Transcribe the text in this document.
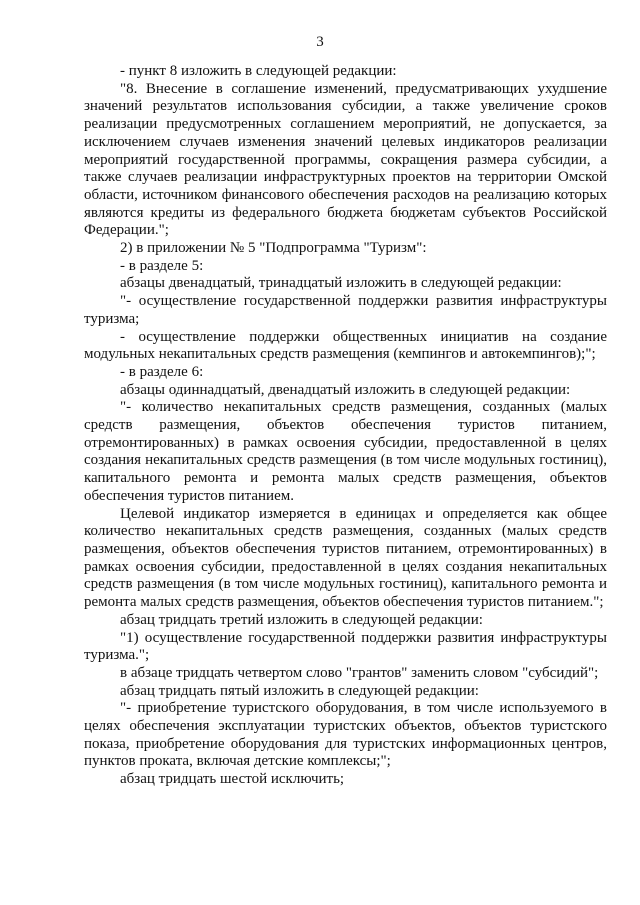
3

- пункт 8 изложить в следующей редакции:

"8. Внесение в соглашение изменений, предусматривающих ухудшение значений результатов использования субсидии, а также увеличение сроков реализации предусмотренных соглашением мероприятий, не допускается, за исключением случаев изменения значений целевых индикаторов реализации мероприятий государственной программы, сокращения размера субсидии, а также случаев реализации инфраструктурных проектов на территории Омской области, источником финансового обеспечения расходов на реализацию которых являются кредиты из федерального бюджета бюджетам субъектов Российской Федерации.";

2) в приложении № 5 "Подпрограмма "Туризм":

- в разделе 5:

абзацы двенадцатый, тринадцатый изложить в следующей редакции:

"- осуществление государственной поддержки развития инфраструктуры туризма;

- осуществление поддержки общественных инициатив на создание модульных некапитальных средств размещения (кемпингов и автокемпингов);";

- в разделе 6:

абзацы одиннадцатый, двенадцатый изложить в следующей редакции:

"- количество некапитальных средств размещения, созданных (малых средств размещения, объектов обеспечения туристов питанием, отремонтированных) в рамках освоения субсидии, предоставленной в целях создания некапитальных средств размещения (в том числе модульных гостиниц), капитального ремонта и ремонта малых средств размещения, объектов обеспечения туристов питанием.

Целевой индикатор измеряется в единицах и определяется как общее количество некапитальных средств размещения, созданных (малых средств размещения, объектов обеспечения туристов питанием, отремонтированных) в рамках освоения субсидии, предоставленной в целях создания некапитальных средств размещения (в том числе модульных гостиниц), капитального ремонта и ремонта малых средств размещения, объектов обеспечения туристов питанием.";

абзац тридцать третий изложить в следующей редакции:

"1) осуществление государственной поддержки развития инфраструктуры туризма.";

в абзаце тридцать четвертом слово "грантов" заменить словом "субсидий";

абзац тридцать пятый изложить в следующей редакции:

"- приобретение туристского оборудования, в том числе используемого в целях обеспечения эксплуатации туристских объектов, объектов туристского показа, приобретение оборудования для туристских информационных центров, пунктов проката, включая детские комплексы;";

абзац тридцать шестой исключить;
